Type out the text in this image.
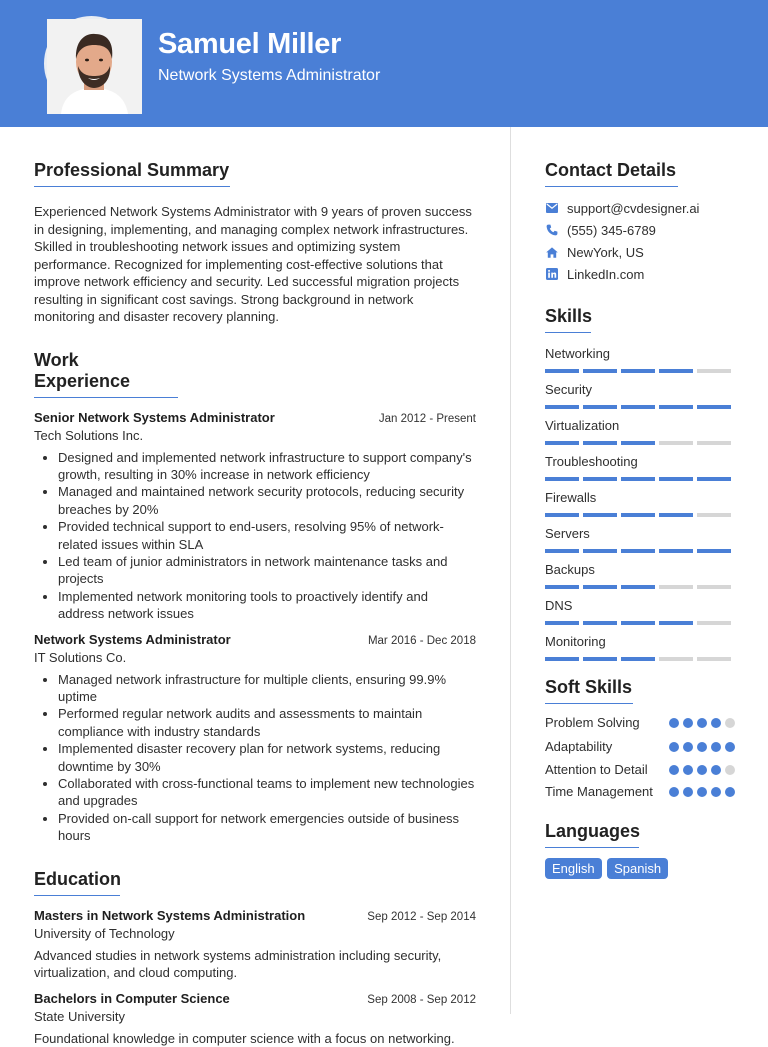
Samuel Miller
Network Systems Administrator
Professional Summary
Experienced Network Systems Administrator with 9 years of proven success in designing, implementing, and managing complex network infrastructures. Skilled in troubleshooting network issues and optimizing system performance. Recognized for implementing cost-effective solutions that improve network efficiency and security. Led successful migration projects resulting in significant cost savings. Strong background in network monitoring and disaster recovery planning.
Work Experience
Senior Network Systems Administrator	Jan 2012 - Present
Tech Solutions Inc.
• Designed and implemented network infrastructure to support company's growth, resulting in 30% increase in network efficiency
• Managed and maintained network security protocols, reducing security breaches by 20%
• Provided technical support to end-users, resolving 95% of network-related issues within SLA
• Led team of junior administrators in network maintenance tasks and projects
• Implemented network monitoring tools to proactively identify and address network issues
Network Systems Administrator	Mar 2016 - Dec 2018
IT Solutions Co.
• Managed network infrastructure for multiple clients, ensuring 99.9% uptime
• Performed regular network audits and assessments to maintain compliance with industry standards
• Implemented disaster recovery plan for network systems, reducing downtime by 30%
• Collaborated with cross-functional teams to implement new technologies and upgrades
• Provided on-call support for network emergencies outside of business hours
Education
Masters in Network Systems Administration	Sep 2012 - Sep 2014
University of Technology
Advanced studies in network systems administration including security, virtualization, and cloud computing.
Bachelors in Computer Science	Sep 2008 - Sep 2012
State University
Foundational knowledge in computer science with a focus on networking.
Contact Details
support@cvdesigner.ai
(555) 345-6789
NewYork, US
LinkedIn.com
Skills
Networking
Security
Virtualization
Troubleshooting
Firewalls
Servers
Backups
DNS
Monitoring
Soft Skills
Problem Solving
Adaptability
Attention to Detail
Time Management
Languages
English Spanish
